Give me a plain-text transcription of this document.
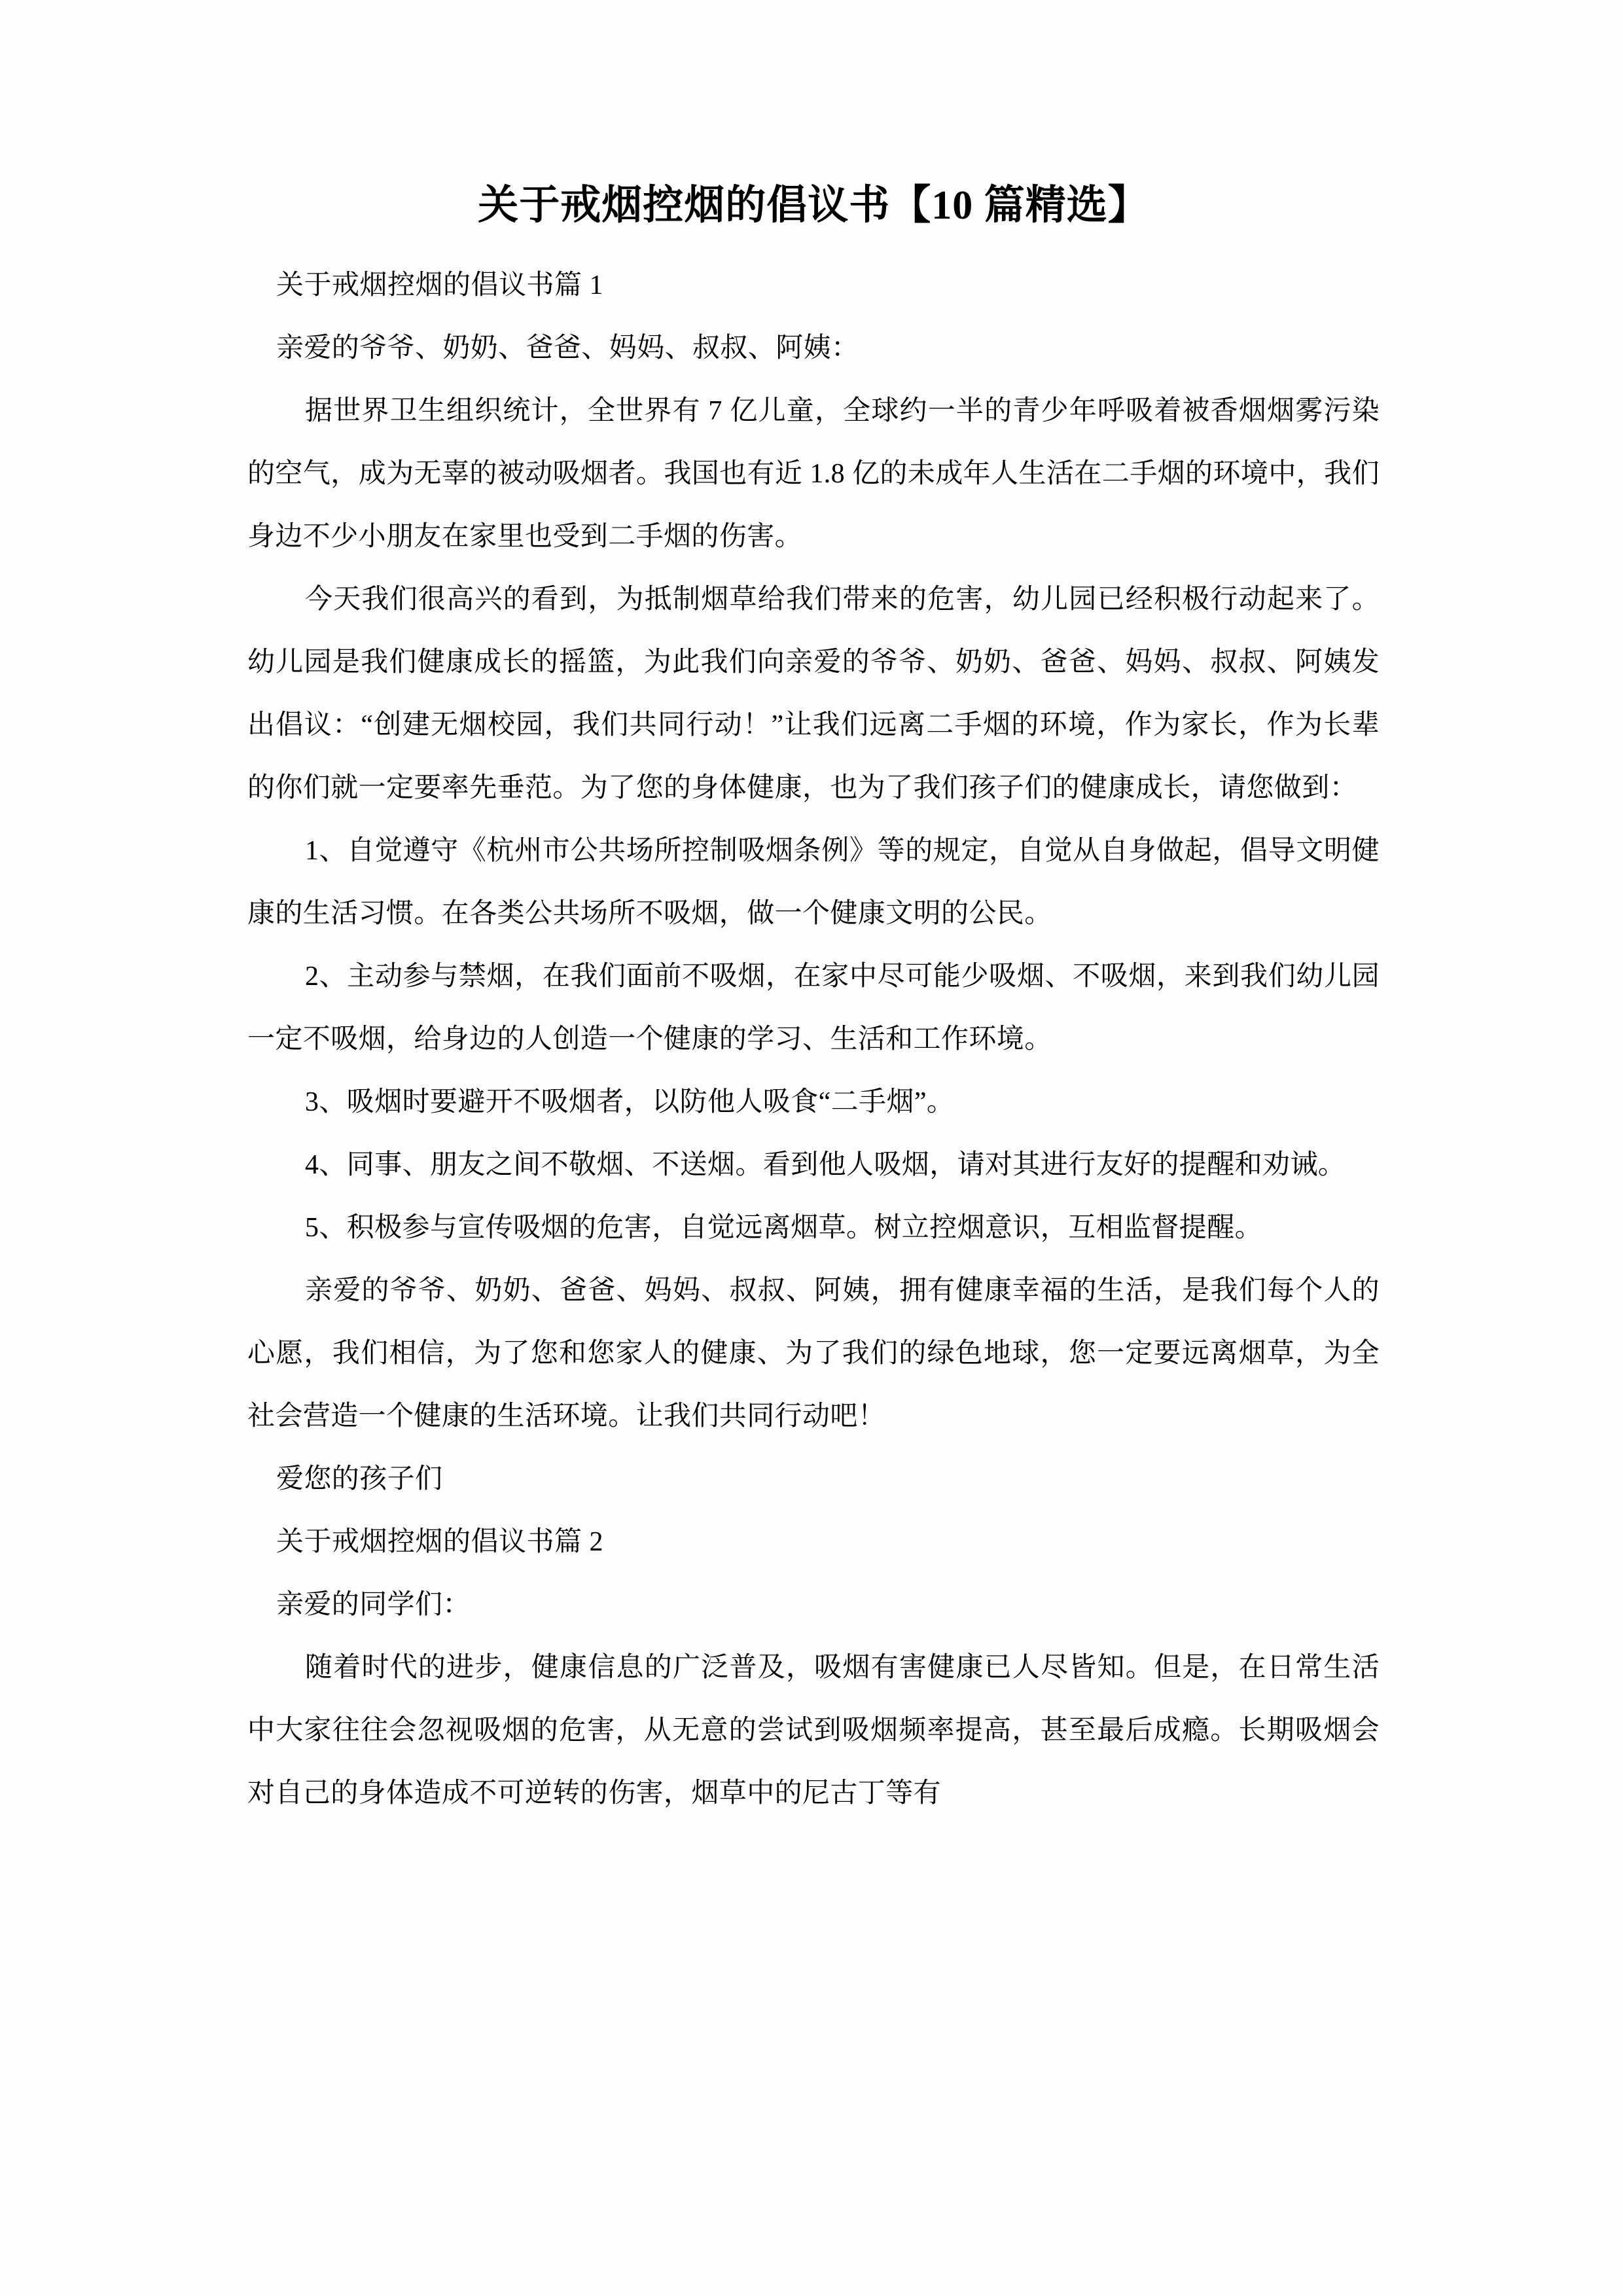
关于戒烟控烟的倡议书【10 篇精选】

关于戒烟控烟的倡议书篇 1

亲爱的爷爷、奶奶、爸爸、妈妈、叔叔、阿姨：

据世界卫生组织统计，全世界有 7 亿儿童，全球约一半的青少年呼吸着被香烟烟雾污染的空气，成为无辜的被动吸烟者。我国也有近 1.8 亿的未成年人生活在二手烟的环境中，我们身边不少小朋友在家里也受到二手烟的伤害。

今天我们很高兴的看到，为抵制烟草给我们带来的危害，幼儿园已经积极行动起来了。幼儿园是我们健康成长的摇篮，为此我们向亲爱的爷爷、奶奶、爸爸、妈妈、叔叔、阿姨发出倡议：“创建无烟校园，我们共同行动！”让我们远离二手烟的环境，作为家长，作为长辈的你们就一定要率先垂范。为了您的身体健康，也为了我们孩子们的健康成长，请您做到：

1、自觉遵守《杭州市公共场所控制吸烟条例》等的规定，自觉从自身做起，倡导文明健康的生活习惯。在各类公共场所不吸烟，做一个健康文明的公民。

2、主动参与禁烟，在我们面前不吸烟，在家中尽可能少吸烟、不吸烟，来到我们幼儿园一定不吸烟，给身边的人创造一个健康的学习、生活和工作环境。

3、吸烟时要避开不吸烟者，以防他人吸食“二手烟”。

4、同事、朋友之间不敬烟、不送烟。看到他人吸烟，请对其进行友好的提醒和劝诫。

5、积极参与宣传吸烟的危害，自觉远离烟草。树立控烟意识，互相监督提醒。

亲爱的爷爷、奶奶、爸爸、妈妈、叔叔、阿姨，拥有健康幸福的生活，是我们每个人的心愿，我们相信，为了您和您家人的健康、为了我们的绿色地球，您一定要远离烟草，为全社会营造一个健康的生活环境。让我们共同行动吧！

爱您的孩子们

关于戒烟控烟的倡议书篇 2

亲爱的同学们：

随着时代的进步，健康信息的广泛普及，吸烟有害健康已人尽皆知。但是，在日常生活中大家往往会忽视吸烟的危害，从无意的尝试到吸烟频率提高，甚至最后成瘾。长期吸烟会对自己的身体造成不可逆转的伤害，烟草中的尼古丁等有
